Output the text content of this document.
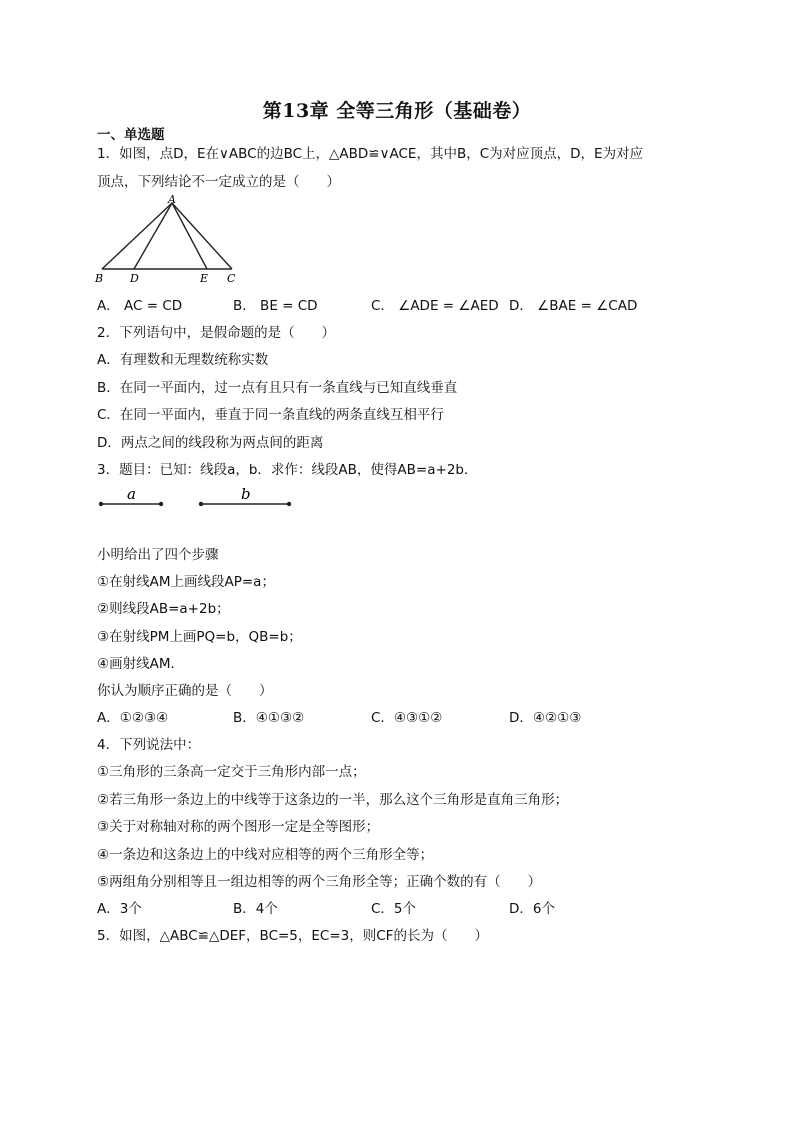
第13章 全等三角形（基础卷）
一、单选题
1．如图，点D，E在∨ABC的边BC上，△ABD≌∨ACE，其中B，C为对应顶点，D，E为对应
顶点，下列结论不一定成立的是（　　）
A
B D	E C
A． AC = CD	B． BE = CD	C． ∠ADE = ∠AED D． ∠BAE = ∠CAD
2．下列语句中，是假命题的是（　　）
A．有理数和无理数统称实数
B．在同一平面内，过一点有且只有一条直线与已知直线垂直
C．在同一平面内，垂直于同一条直线的两条直线互相平行
D．两点之间的线段称为两点间的距离
3．题目：已知：线段a，b．求作：线段AB，使得AB=a+2b．
a	b
小明给出了四个步骤
①在射线AM上画线段AP=a；
②则线段AB=a+2b；
③在射线PM上画PQ=b，QB=b；
④画射线AM．
你认为顺序正确的是（　　）
A．①②③④	B．④①③②	C．④③①②	D．④②①③
4．下列说法中：
①三角形的三条高一定交于三角形内部一点；
②若三角形一条边上的中线等于这条边的一半，那么这个三角形是直角三角形；
③关于对称轴对称的两个图形一定是全等图形；
④一条边和这条边上的中线对应相等的两个三角形全等；
⑤两组角分别相等且一组边相等的两个三角形全等；正确个数的有（　　）
A．3个	B．4个	C．5个	D．6个
5．如图，△ABC≌△DEF，BC=5，EC=3，则CF的长为（　　）
